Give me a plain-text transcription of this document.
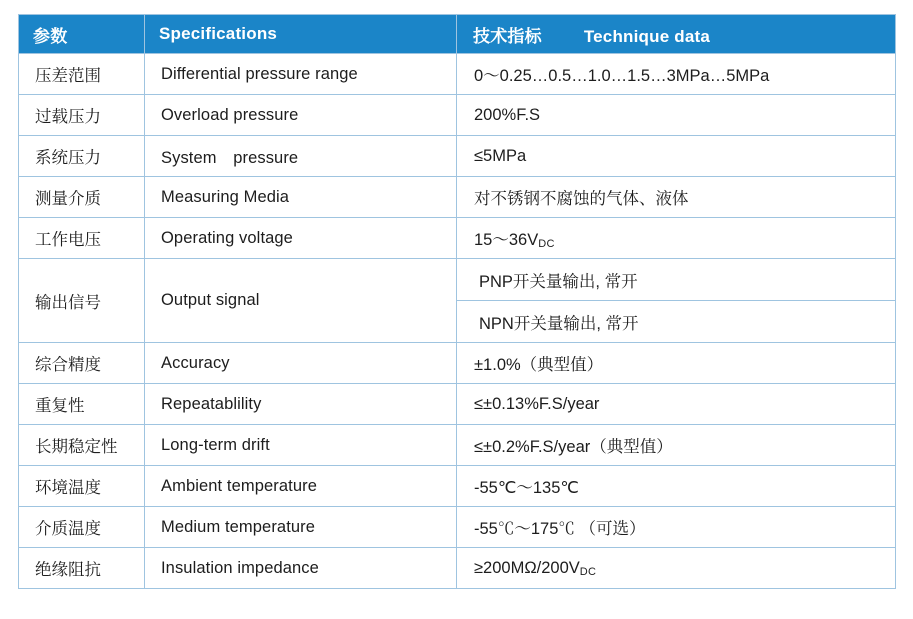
参数	Specifications	技术指标 Technique data
压差范围	Differential pressure range	0～0.25…0.5…1.0…1.5…3MPa…5MPa
过载压力	Overload pressure	200%F.S
系统压力	System　pressure	≤5MPa
测量介质	Measuring Media	对不锈钢不腐蚀的气体、液体
工作电压	Operating voltage	15～36VDC
输出信号	Output signal	PNP开关量输出, 常开
		NPN开关量输出, 常开
综合精度	Accuracy	±1.0%（典型值）
重复性	Repeatablility	≤±0.13%F.S/year
长期稳定性	Long-term drift	≤±0.2%F.S/year（典型值）
环境温度	Ambient temperature	-55℃～135℃
介质温度	Medium temperature	-55℃～175℃ （可选）
绝缘阻抗	Insulation impedance	≥200MΩ/200VDC
